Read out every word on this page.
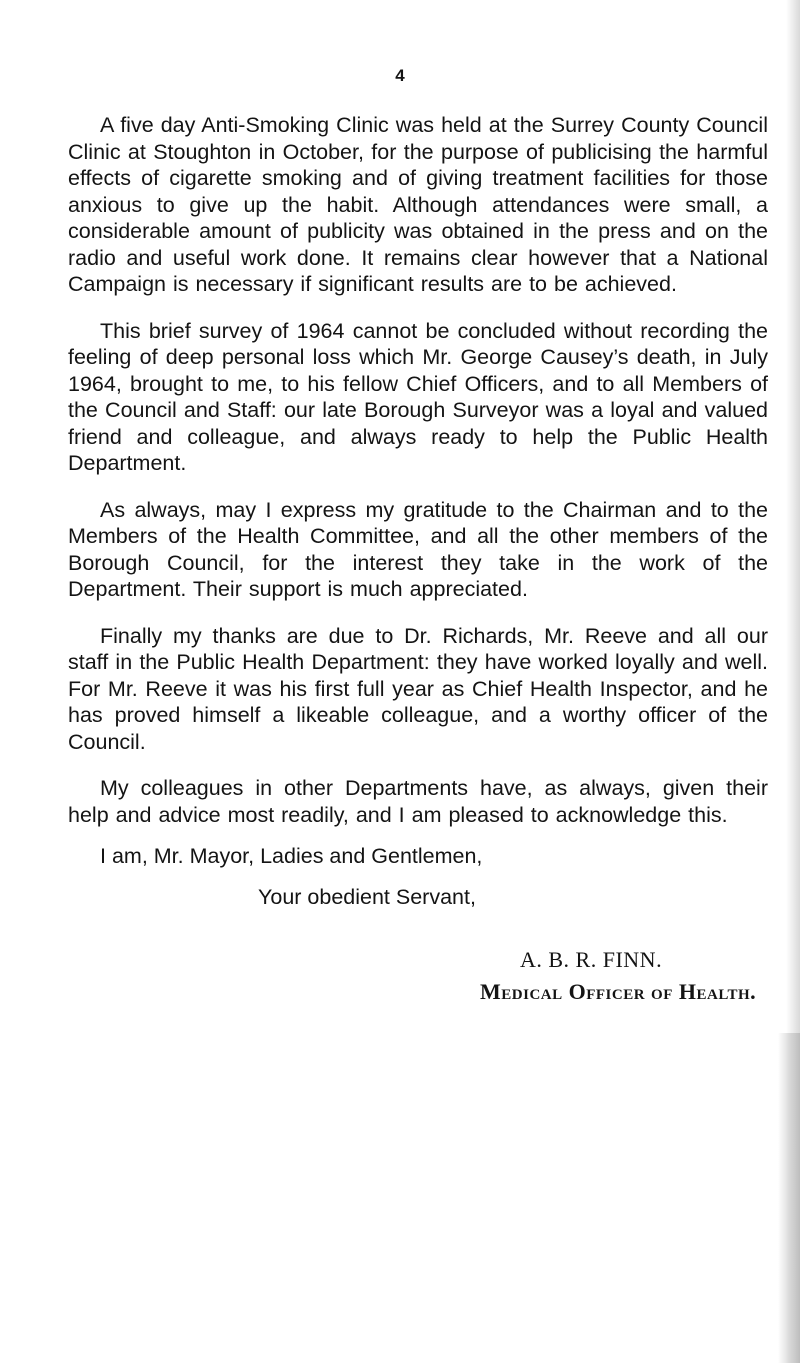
4

A five day Anti-Smoking Clinic was held at the Surrey County Council Clinic at Stoughton in October, for the purpose of publicising the harmful effects of cigarette smoking and of giving treatment facilities for those anxious to give up the habit. Although attendances were small, a considerable amount of publicity was obtained in the press and on the radio and useful work done. It remains clear however that a National Campaign is necessary if significant results are to be achieved.

This brief survey of 1964 cannot be concluded without recording the feeling of deep personal loss which Mr. George Causey’s death, in July 1964, brought to me, to his fellow Chief Officers, and to all Members of the Council and Staff: our late Borough Surveyor was a loyal and valued friend and colleague, and always ready to help the Public Health Department.

As always, may I express my gratitude to the Chairman and to the Members of the Health Committee, and all the other members of the Borough Council, for the interest they take in the work of the Department. Their support is much appreciated.

Finally my thanks are due to Dr. Richards, Mr. Reeve and all our staff in the Public Health Department: they have worked loyally and well. For Mr. Reeve it was his first full year as Chief Health Inspector, and he has proved himself a likeable colleague, and a worthy officer of the Council.

My colleagues in other Departments have, as always, given their help and advice most readily, and I am pleased to acknowledge this.

I am, Mr. Mayor, Ladies and Gentlemen,
Your obedient Servant,
A. B. R. FINN.
Medical Officer of Health.
